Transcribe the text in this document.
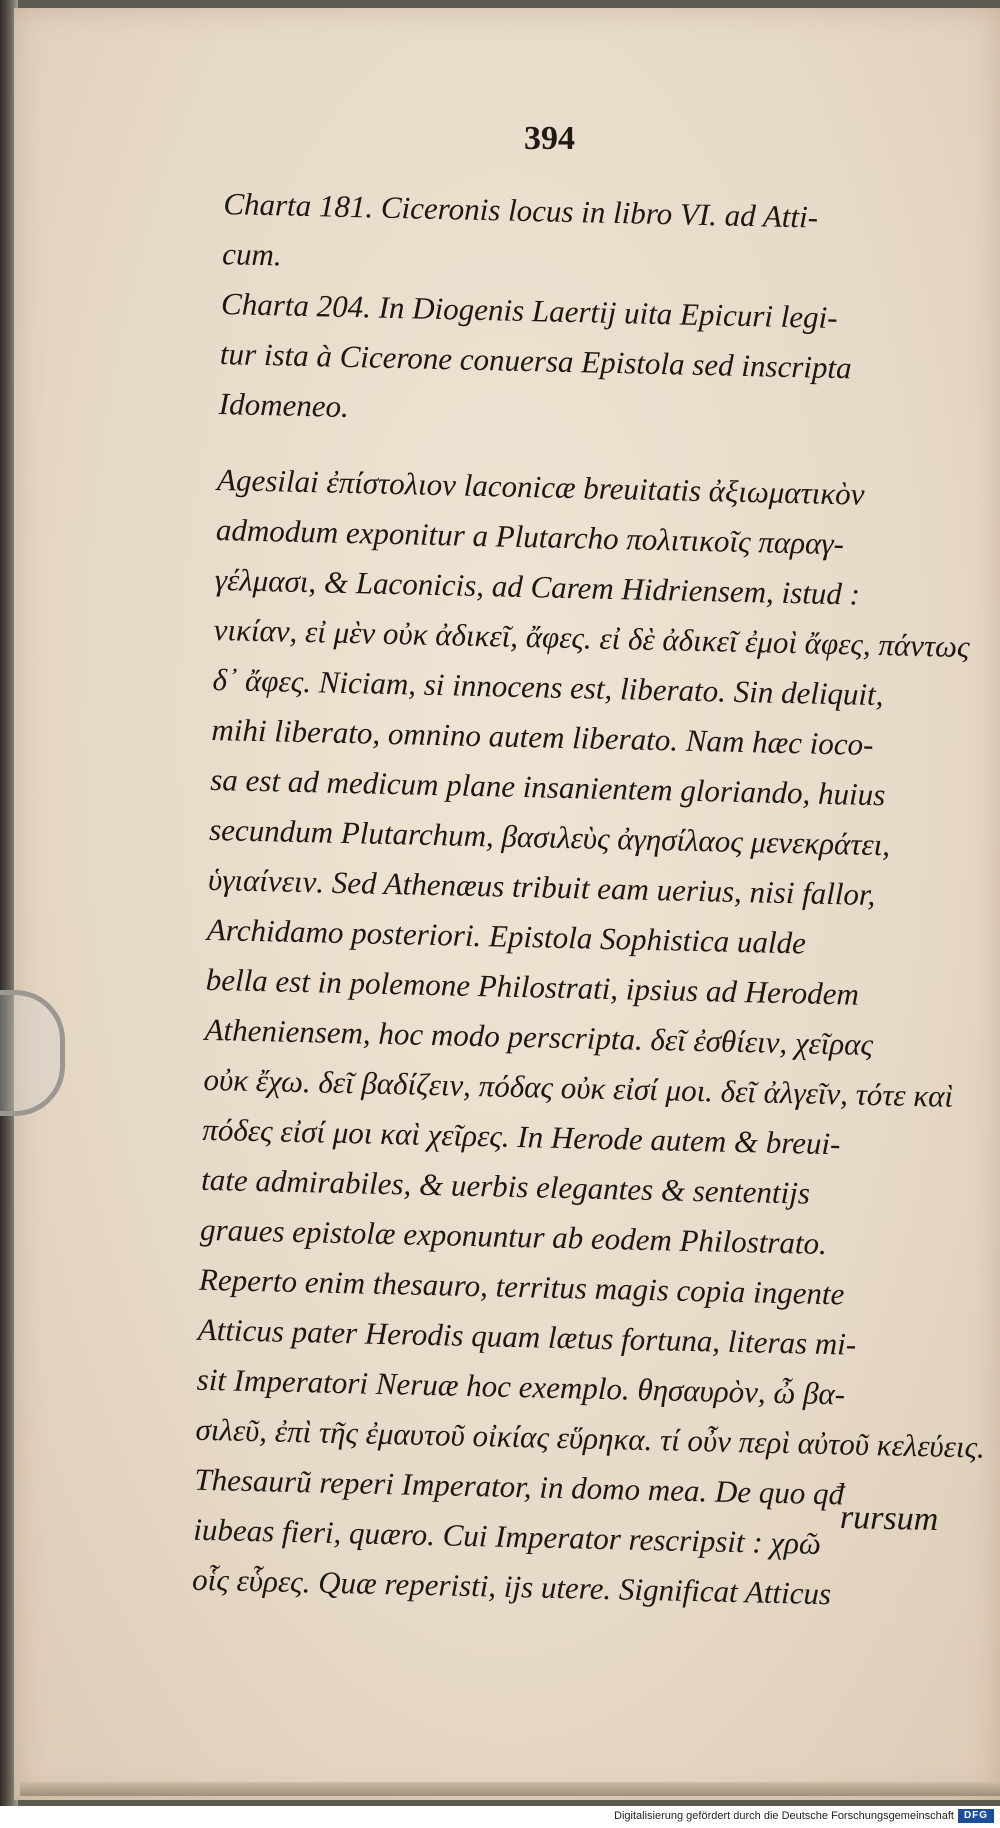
394
Charta 181. Ciceronis locus in libro VI. ad Atti-
cum.
Charta 204. In Diogenis Laertij uita Epicuri legi-
tur ista à Cicerone conuersa Epistola sed inscripta
Idomeneo.
Agesilai ἐπίστολιον laconicæ breuitatis ἀξιωματικὸν
admodum exponitur a Plutarcho πολιτικοῖς παραγ-
γέλμασι, & Laconicis, ad Carem Hidriensem, istud :
νικίαν, εἰ μὲν οὐκ ἀδικεῖ, ἄφες. εἰ δὲ ἀδικεῖ ἐμοὶ ἄφες, πάντως
δ᾽ ἄφες. Niciam, si innocens est, liberato. Sin deliquit,
mihi liberato, omnino autem liberato. Nam hæc ioco-
sa est ad medicum plane insanientem gloriando, huius
secundum Plutarchum, βασιλεὺς ἀγησίλαος μενεκράτει,
ὑγιαίνειν. Sed Athenæus tribuit eam uerius, nisi fallor,
Archidamo posteriori. Epistola Sophistica ualde
bella est in polemone Philostrati, ipsius ad Herodem
Atheniensem, hoc modo perscripta. δεῖ ἐσθίειν, χεῖρας
οὐκ ἔχω. δεῖ βαδίζειν, πόδας οὐκ εἰσί μοι. δεῖ ἀλγεῖν, τότε καὶ
πόδες εἰσί μοι καὶ χεῖρες. In Herode autem & breui-
tate admirabiles, & uerbis elegantes & sententijs
graues epistolæ exponuntur ab eodem Philostrato.
Reperto enim thesauro, territus magis copia ingente
Atticus pater Herodis quam lætus fortuna, literas mi-
sit Imperatori Neruæ hoc exemplo. θησαυρὸν, ὦ βα-
σιλεῦ, ἐπὶ τῆς ἐμαυτοῦ οἰκίας εὕρηκα. τί οὖν περὶ αὐτοῦ κελεύεις.
Thesaurũ reperi Imperator, in domo mea. De quo qđ
iubeas fieri, quæro. Cui Imperator rescripsit : χρῶ
οἷς εὗρες. Quæ reperisti, ijs utere. Significat Atticus
rursum
Digitalisierung gefördert durch die Deutsche Forschungsgemeinschaft DFG
